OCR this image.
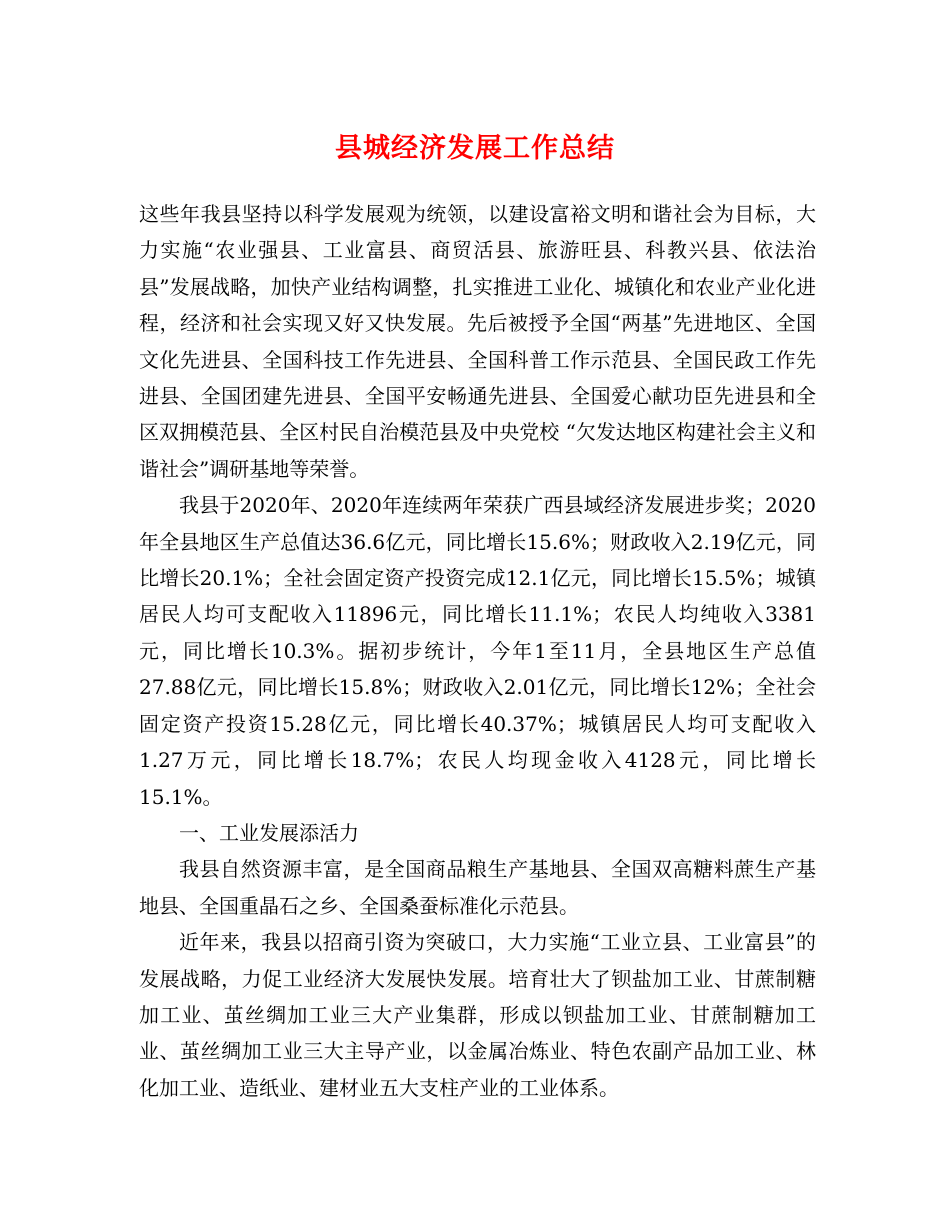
县城经济发展工作总结

这些年我县坚持以科学发展观为统领，以建设富裕文明和谐社会为目标，大力实施“农业强县、工业富县、商贸活县、旅游旺县、科教兴县、依法治县”发展战略，加快产业结构调整，扎实推进工业化、城镇化和农业产业化进程，经济和社会实现又好又快发展。先后被授予全国“两基”先进地区、全国文化先进县、全国科技工作先进县、全国科普工作示范县、全国民政工作先进县、全国团建先进县、全国平安畅通先进县、全国爱心献功臣先进县和全区双拥模范县、全区村民自治模范县及中央党校 “欠发达地区构建社会主义和谐社会”调研基地等荣誉。

我县于2020年、2020年连续两年荣获广西县域经济发展进步奖；2020年全县地区生产总值达36.6亿元，同比增长15.6%；财政收入2.19亿元，同比增长20.1%；全社会固定资产投资完成12.1亿元，同比增长15.5%；城镇居民人均可支配收入11896元，同比增长11.1%；农民人均纯收入3381元，同比增长10.3%。据初步统计，今年1至11月，全县地区生产总值27.88亿元，同比增长15.8%；财政收入2.01亿元，同比增长12%；全社会固定资产投资15.28亿元，同比增长40.37%；城镇居民人均可支配收入1.27万元，同比增长18.7%；农民人均现金收入4128元，同比增长15.1%。

一、工业发展添活力

我县自然资源丰富，是全国商品粮生产基地县、全国双高糖料蔗生产基地县、全国重晶石之乡、全国桑蚕标准化示范县。

近年来，我县以招商引资为突破口，大力实施“工业立县、工业富县”的发展战略，力促工业经济大发展快发展。培育壮大了钡盐加工业、甘蔗制糖加工业、茧丝绸加工业三大产业集群，形成以钡盐加工业、甘蔗制糖加工业、茧丝绸加工业三大主导产业，以金属冶炼业、特色农副产品加工业、林化加工业、造纸业、建材业五大支柱产业的工业体系。
